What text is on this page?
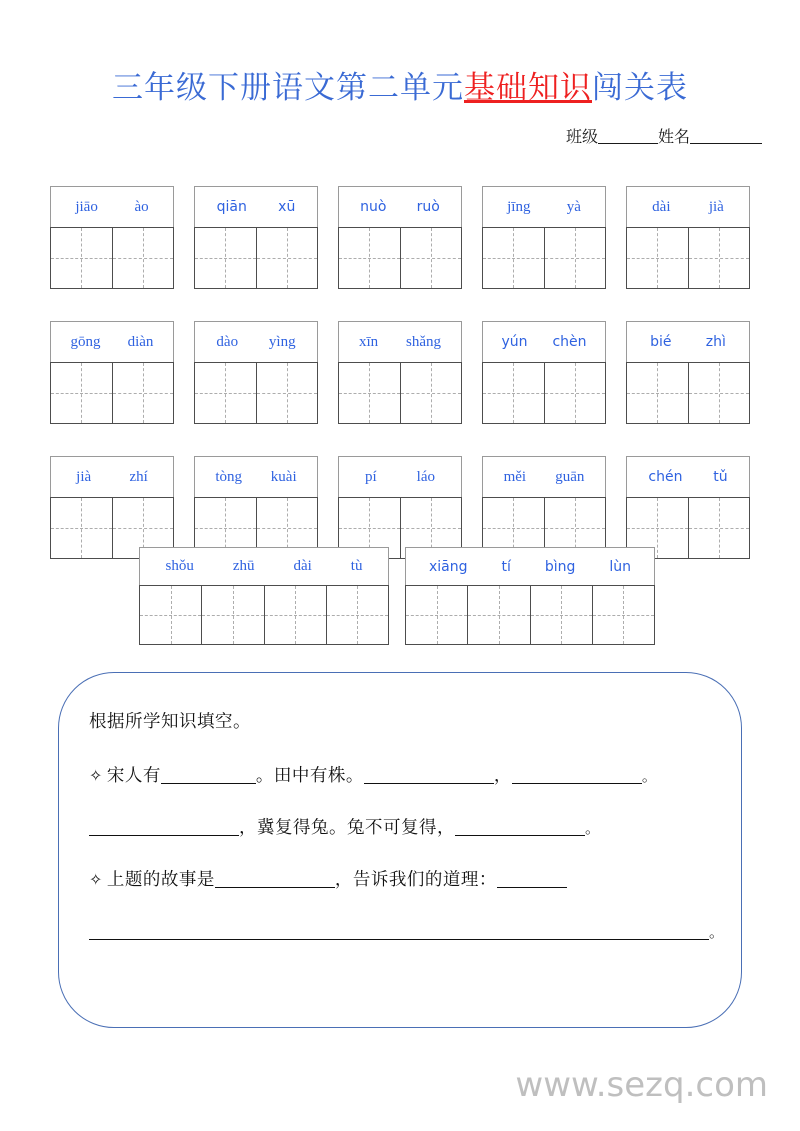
三年级下册语文第二单元基础知识闯关表
班级	姓名
jiāo ào
gōng diàn
jià	zhí
qiān xū
dào yìng
tòng kuài
nuò ruò
xīn shǎng
pí	láo
jīng yà
yún chèn
měi guān
dài	jià
bié zhì
chén tǔ
shǒu	zhū	dài	tù	xiāng tí bìng lùn
根据所学知识填空。
✧ 宋人有	。田中有株。	，	。
，冀复得兔。兔不可复得，	。
✧ 上题的故事是	，告诉我们的道理：
。
www.sezq.com
